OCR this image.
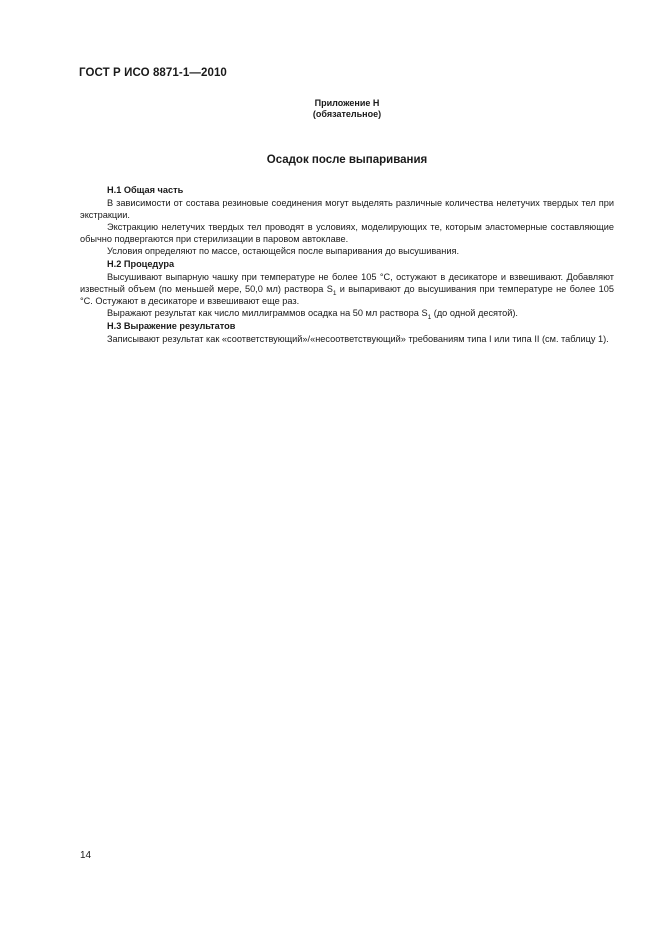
ГОСТ Р ИСО 8871-1—2010
Приложение Н
(обязательное)
Осадок после выпаривания
Н.1 Общая часть

В зависимости от состава резиновые соединения могут выделять различные количества нелетучих твердых тел при экстракции.

Экстракцию нелетучих твердых тел проводят в условиях, моделирующих те, которым эластомерные составляющие обычно подвергаются при стерилизации в паровом автоклаве.

Условия определяют по массе, остающейся после выпаривания до высушивания.

Н.2 Процедура

Высушивают выпарную чашку при температуре не более 105 °С, остужают в десикаторе и взвешивают. Добавляют известный объем (по меньшей мере, 50,0 мл) раствора $S_1$ и выпаривают до высушивания при температуре не более 105 °С. Остужают в десикаторе и взвешивают еще раз.

Выражают результат как число миллиграммов осадка на 50 мл раствора $S_1$ (до одной десятой).

Н.3 Выражение результатов

Записывают результат как «соответствующий»/«несоответствующий» требованиям типа I или типа II (см. таблицу 1).

14
